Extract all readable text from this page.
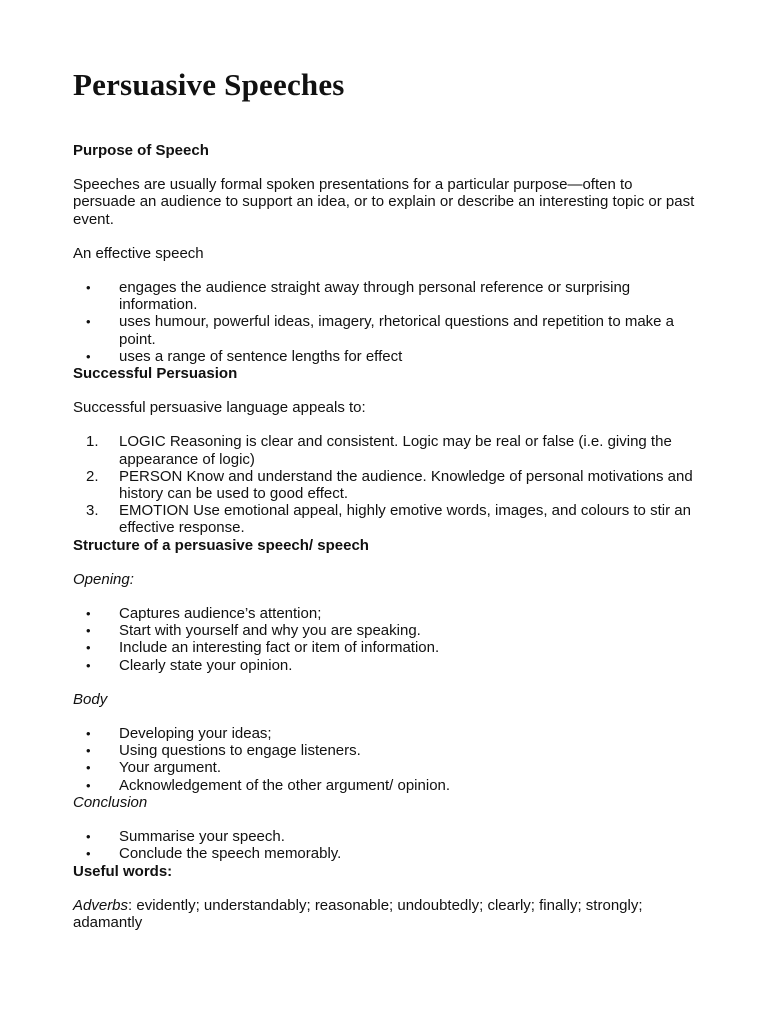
Persuasive Speeches
Purpose of Speech
Speeches are usually formal spoken presentations for a particular purpose—often to persuade an audience to support an idea, or to explain or describe an interesting topic or past event.
An effective speech
•	engages the audience straight away through personal reference or surprising information.
•	uses humour, powerful ideas, imagery, rhetorical questions and repetition to make a point.
•	uses a range of sentence lengths for effect
Successful Persuasion
Successful persuasive language appeals to:
1.	LOGIC Reasoning is clear and consistent. Logic may be real or false (i.e. giving the appearance of logic)
2.	PERSON Know and understand the audience. Knowledge of personal motivations and history can be used to good effect.
3.	EMOTION Use emotional appeal, highly emotive words, images, and colours to stir an effective response.
Structure of a persuasive speech/ speech
Opening:
•	Captures audience’s attention;
•	Start with yourself and why you are speaking.
•	Include an interesting fact or item of information.
•	Clearly state your opinion.
Body
•	Developing your ideas;
•	Using questions to engage listeners.
•	Your argument.
•	Acknowledgement of the other argument/ opinion.
Conclusion
•	Summarise your speech.
•	Conclude the speech memorably.
Useful words:
Adverbs: evidently; understandably; reasonable; undoubtedly; clearly; finally; strongly; adamantly
